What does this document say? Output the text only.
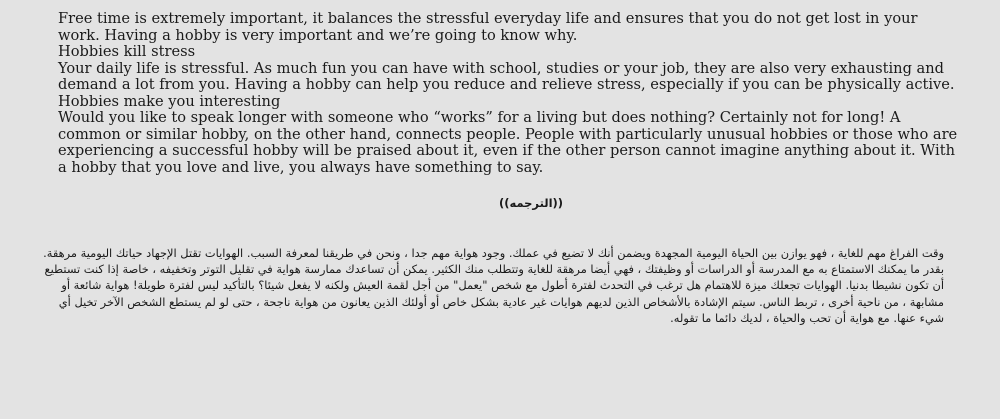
Free time is extremely important, it balances the stressful everyday life and ensures that you do not get lost in your work. Having a hobby is very important and we’re going to know why.

Hobbies kill stress

Your daily life is stressful. As much fun you can have with school, studies or your job, they are also very exhausting and demand a lot from you. Having a hobby can help you reduce and relieve stress, especially if you can be physically active.

Hobbies make you interesting

Would you like to speak longer with someone who “works” for a living but does nothing? Certainly not for long! A common or similar hobby, on the other hand, connects people. People with particularly unusual hobbies or those who are experiencing a successful hobby will be praised about it, even if the other person cannot imagine anything about it. With a hobby that you love and live, you always have something to say.

((الترجمه))

وقت الفراغ مهم للغاية ، فهو يوازن بين الحياة اليومية المجهدة ويضمن أنك لا تضيع في عملك. وجود هواية مهم جدا ، ونحن في طريقنا لمعرفة السبب. الهوايات تقتل الإجهاد حياتك اليومية مرهقة. بقدر ما يمكنك الاستمتاع به مع المدرسة أو الدراسات أو وظيفتك ، فهي أيضا مرهقة للغاية وتتطلب منك الكثير. يمكن أن تساعدك ممارسة هواية في تقليل التوتر وتخفيفه ، خاصة إذا كنت تستطيع أن تكون نشيطا بدنيا. الهوايات تجعلك ميزة للاهتمام هل ترغب في التحدث لفترة أطول مع شخص "يعمل" من أجل لقمة العيش ولكنه لا يفعل شيئا؟ بالتأكيد ليس لفترة طويلة! هواية شائعة أو مشابهة ، من ناحية أخرى ، تربط الناس. سيتم الإشادة بالأشخاص الذين لديهم هوايات غير عادية بشكل خاص أو أولئك الذين يعانون من هواية ناجحة ، حتى لو لم يستطع الشخص الآخر تخيل أي شيء عنها. مع هواية أن تحب والحياة ، لديك دائما ما تقوله.
